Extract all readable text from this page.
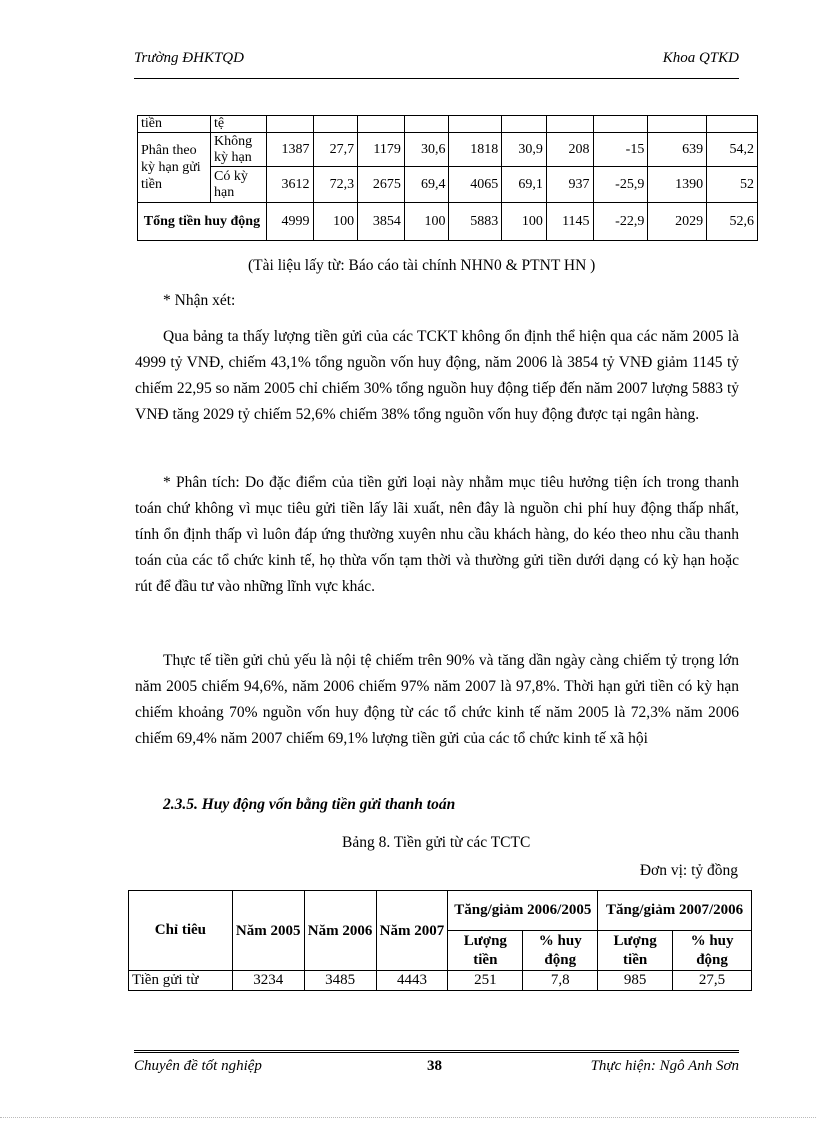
Trường ĐHKTQD	Khoa QTKD
tiền	tệ										
Phân theo kỳ hạn gửi tiền	Không kỳ hạn	1387	27,7	1179	30,6	1818	30,9	208	-15	639	54,2
	Có kỳ hạn	3612	72,3	2675	69,4	4065	69,1	937	-25,9	1390	52
Tổng tiền huy động		4999	100	3854	100	5883	100	1145	-22,9	2029	52,6
(Tài liệu lấy từ: Báo cáo tài chính NHN0 & PTNT HN )
* Nhận xét:
Qua bảng ta thấy lượng tiền gửi của các TCKT không ổn định thể hiện qua các năm 2005 là 4999 tỷ VNĐ, chiếm 43,1% tổng nguồn vốn huy động, năm 2006 là 3854 tỷ VNĐ giảm 1145 tỷ chiếm 22,95 so năm 2005 chỉ chiếm 30% tổng nguồn huy động tiếp đến năm 2007 lượng 5883 tỷ VNĐ tăng 2029 tỷ chiếm 52,6% chiếm 38% tổng nguồn vốn huy động được tại ngân hàng.
* Phân tích: Do đặc điểm của tiền gửi loại này nhằm mục tiêu hưởng tiện ích trong thanh toán chứ không vì mục tiêu gửi tiền lấy lãi xuất, nên đây là nguồn chi phí huy động thấp nhất, tính ổn định thấp vì luôn đáp ứng thường xuyên nhu cầu khách hàng, do kéo theo nhu cầu thanh toán của các tổ chức kinh tế, họ thừa vốn tạm thời và thường gửi tiền dưới dạng có kỳ hạn hoặc rút để đầu tư vào những lĩnh vực khác.
Thực tế tiền gửi chủ yếu là nội tệ chiếm trên 90% và tăng dần ngày càng chiếm tỷ trọng lớn năm 2005 chiếm 94,6%, năm 2006 chiếm 97% năm 2007 là 97,8%. Thời hạn gửi tiền có kỳ hạn chiếm khoảng 70% nguồn vốn huy động từ các tổ chức kinh tế năm 2005 là 72,3% năm 2006 chiếm 69,4% năm 2007 chiếm 69,1% lượng tiền gửi của các tổ chức kinh tế xã hội
2.3.5. Huy động vốn bằng tiền gửi thanh toán
Bảng 8. Tiền gửi từ các TCTC
Đơn vị: tỷ đồng
Chỉ tiêu	Năm 2005	Năm 2006	Năm 2007	Tăng/giảm 2006/2005		Tăng/giảm 2007/2006	
				Lượng tiền	% huy động	Lượng tiền	% huy động
Tiền gửi từ	3234	3485	4443	251	7,8	985	27,5
Chuyên đề tốt nghiệp	38	Thực hiện: Ngô Anh Sơn
